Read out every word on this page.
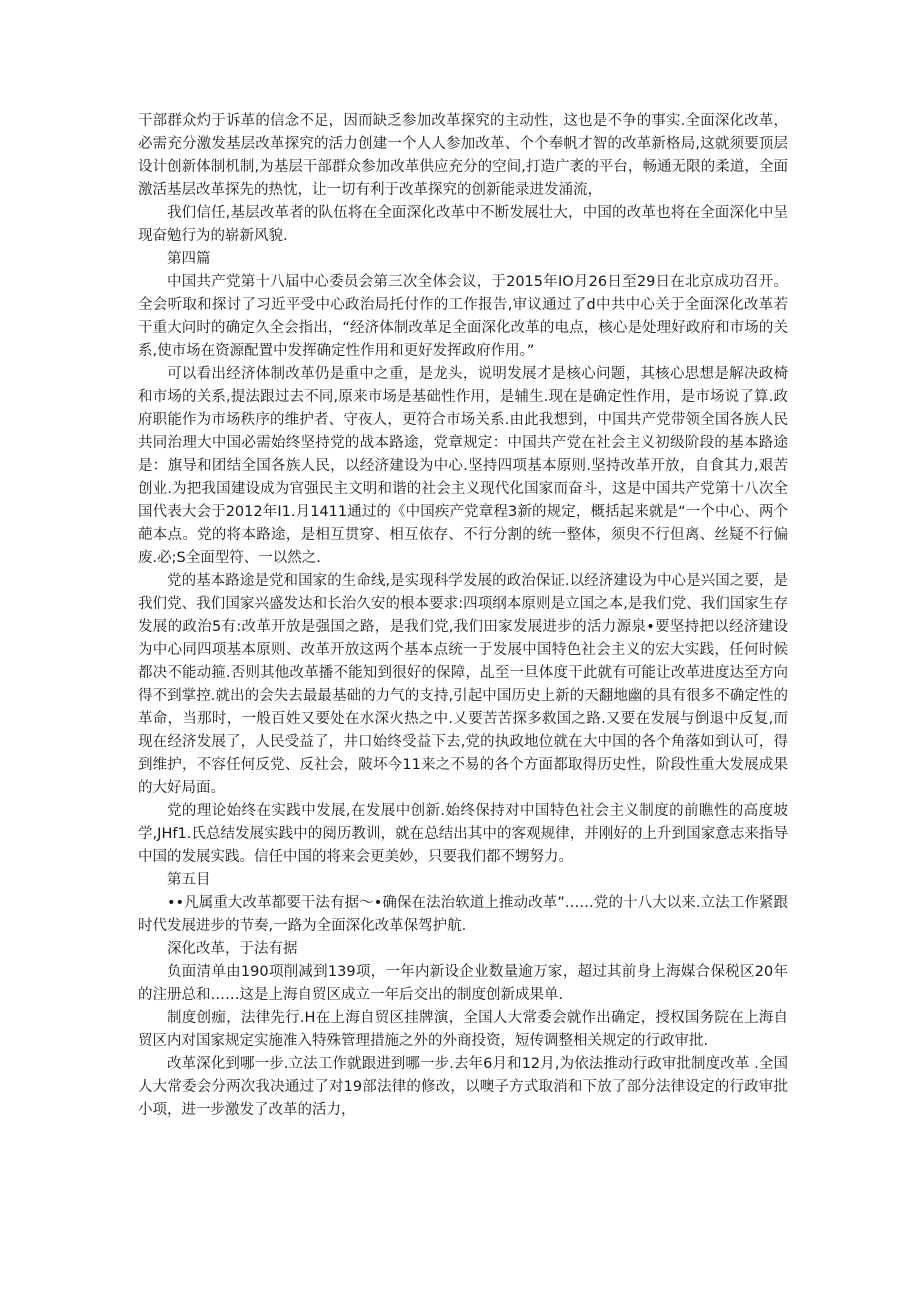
干部群众灼于诉革的信念不足，因而缺乏参加改革探究的主动性，这也是不争的事实.全面深化改革，必需充分激发基层改革探究的活力创建一个人人参加改革、个个奉帆才智的改革新格局,这就须要顶层设计创新体制机制,为基层干部群众参加改革供应充分的空间,打造广袤的平台，畅通无限的柔道，全面激活基层改革探先的热忱，让一切有利于改革探究的创新能录进发涌流，

我们信任,基层改革者的队伍将在全面深化改革中不断发展壮大，中国的改革也将在全面深化中呈现奋勉行为的崭新风貌.

第四篇

中国共产党第十八届中心委员会第三次全体会议，于2015年IO月26日至29日在北京成功召开。全会听取和探讨了习近平受中心政治局托付作的工作报告,审议通过了d中共中心关于全面深化改革若干重大问时的确定久全会指出，“经济体制改革足全面深化改革的电点，核心是处理好政府和市场的关系,使市场在资源配置中发挥确定性作用和更好发挥政府作用。”

可以看出经济体制改革仍是重中之重，是龙头，说明发展才是核心问题，其核心思想是解决政椅和市场的关系,提法跟过去不同,原来市场是基础性作用，是辅生.现在是确定性作用，是市场说了算.政府职能作为市场秩序的维护者、守夜人，更符合市场关系.由此我想到，中国共产党带领全国各族人民共同治理大中国必需始终坚持党的战本路途，党章规定：中国共产党在社会主义初级阶段的基本路途是：旗导和团结全国各族人民，以经济建设为中心.坚持四项基本原则.坚持改革开放，自食其力,艰苦创业.为把我国建设成为官强民主文明和谐的社会主义现代化国家而奋斗，这是中国共产党第十八次全国代表大会于2012年I1.月1411通过的《中国疾产党章程3新的规定，概括起来就是“一个中心、两个葩本点。党的将本路途，是相互贯穿、相互依存、不行分割的统一整体，须臾不行但离、丝疑不行偏废.必;S全面型符、一以然之.

党的基本路途是党和国家的生命线,是实现科学发展的政治保证.以经济建设为中心是兴国之要，是我们党、我们国家兴盛发达和长治久安的根本要求:四项纲本原则是立国之本,是我们党、我们国家生存发展的政治5有:改革开放是强国之路，是我们党,我们田家发展进步的活力源泉•要坚持把以经济建设为中心同四项基本原则、改革开放这两个基本点统一于发展中国特色社会主义的宏大实践，任何时候都决不能动箍.否则其他改革播不能知到很好的保障，乩至一旦体度干此就有可能让改革进度达至方向得不到掌控.就出的会失去最最基础的力气的支持,引起中国历史上新的天翻地幽的具有很多不确定性的革命，当那时，一般百姓又要处在水深火热之中.乂要苦苦探多救国之路.又要在发展与倒退中反复,而现在经济发展了，人民受益了，井口始终受益下去,党的执政地位就在大中国的各个角落如到认可，得到维护，不容任何反党、反社会，陂坏今11来之不易的各个方面都取得历史性，阶段性重大发展成果的大好局面。

党的理论始终在实践中发展,在发展中创新.始终保持对中国特色社会主义制度的前瞧性的高度坡学,JHf1.氏总结发展实践中的阅历教训，就在总结出其中的客观规律，并刚好的上升到国家意志来指导中国的发展实践。信任中国的将来会更美妙，只要我们都不甥努力。

第五目

••凡属重大改革都要干法有据〜•确保在法治软道上推动改革”……党的十八大以来.立法工作紧跟时代发展进步的节奏,一路为全面深化改革保驾护航.

深化改革，于法有据

负面清单由190项削减到139项，一年内新设企业数量逾万家，超过其前身上海媒合保税区20年的注册总和……这是上海自贸区成立一年后交出的制度创新成果单.

制度创痂，法律先行.H在上海自贸区挂牌演，全国人大常委会就作出确定，授权国务院在上海自贸区内对国家规定实施准入特殊管理措施之外的外商投资，短传调整相关规定的行政审批.

改革深化到哪一步.立法工作就跟进到哪一步.去年6月和12月,为依法推动行政审批制度改革 .全国人大常委会分两次我决通过了对19部法律的修改，以噢子方式取消和下放了部分法律设定的行政审批小项，进一步激发了改革的活力，
